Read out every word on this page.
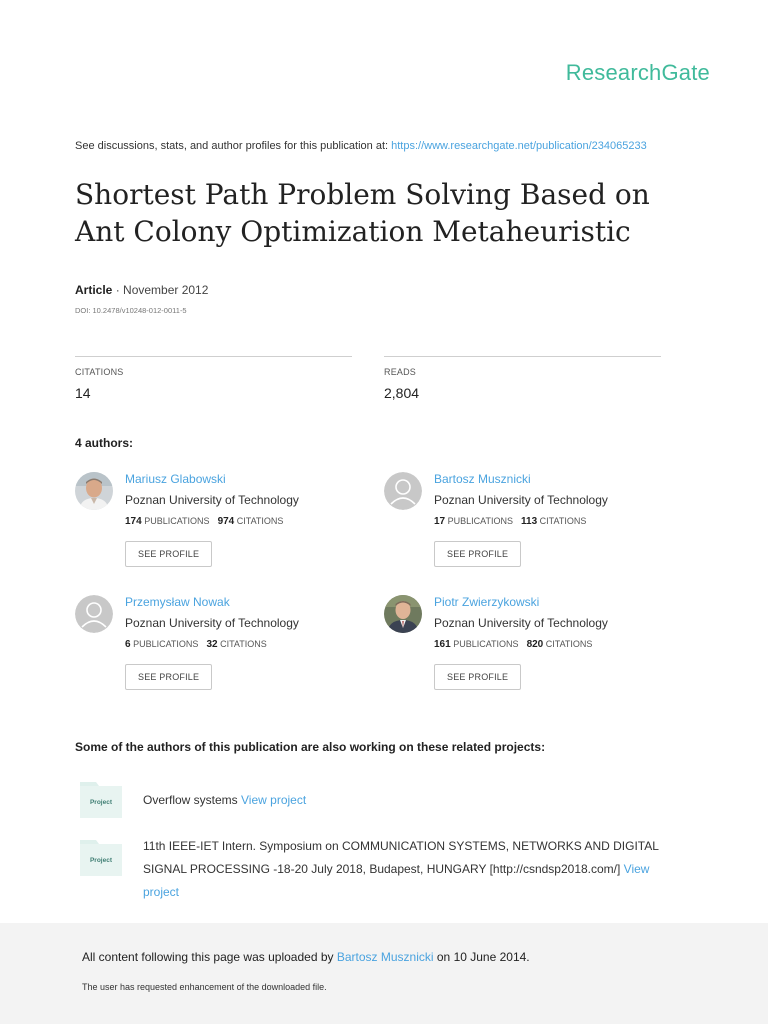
ResearchGate
See discussions, stats, and author profiles for this publication at: https://www.researchgate.net/publication/234065233
Shortest Path Problem Solving Based on Ant Colony Optimization Metaheuristic
Article · November 2012
DOI: 10.2478/v10248-012-0011-5
CITATIONS
14
READS
2,804
4 authors:
Mariusz Glabowski
Poznan University of Technology
174 PUBLICATIONS 974 CITATIONS
SEE PROFILE
Bartosz Musznicki
Poznan University of Technology
17 PUBLICATIONS 113 CITATIONS
SEE PROFILE
Przemysław Nowak
Poznan University of Technology
6 PUBLICATIONS 32 CITATIONS
SEE PROFILE
Piotr Zwierzykowski
Poznan University of Technology
161 PUBLICATIONS 820 CITATIONS
SEE PROFILE
Some of the authors of this publication are also working on these related projects:
Project	Overflow systems View project
Project
11th IEEE-IET Intern. Symposium on COMMUNICATION SYSTEMS, NETWORKS AND DIGITAL SIGNAL PROCESSING -18-20 July 2018, Budapest, HUNGARY [http://csndsp2018.com/] View project
All content following this page was uploaded by Bartosz Musznicki on 10 June 2014.
The user has requested enhancement of the downloaded file.
